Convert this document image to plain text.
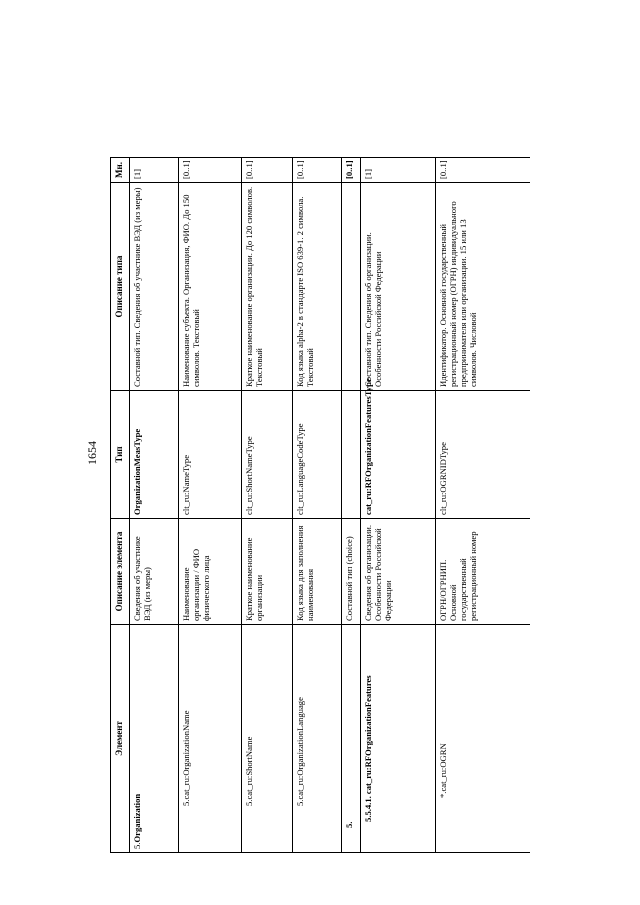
1654
Элемент	Описание элемента	Тип	Описание типа	Мн.	
5.Organization	Сведения об участнике ВЭД (из меры)	OrganizationMeasType	Составной тип. Сведения об участнике ВЭД (из меры)	[1]	
5.cat_ru:OrganizationName	Наименование организации / ФИО физического лица	clt_ru:NameType	Наименование субъекта. Организация, ФИО. До 150 символов. Текстовый	[0..1]	
5.cat_ru:ShortName	Краткое наименование организации	clt_ru:ShortNameType	Краткое наименование организации. До 120 символов. Текстовый	[0..1]	
5.cat_ru:OrganizationLanguage	Код языка для заполнения наименования	clt_ru:LanguageCodeType	Код языка alpha-2 в стандарте ISO 639-1. 2 символа. Текстовый	[0..1]	
5.	Составной тип (choice)			[0..1]	
5.5.4.1. cat_ru:RFOrganizationFeatures	Сведения об организации. Особенности Российской Федерации	cat_ru:RFOrganizationFeaturesType	Составной тип. Сведения об организации. Особенности Российской Федерации	[1]	
*.cat_ru:OGRN	ОГРН/ОГРНИП. Основной государственный регистрационный номер	clt_ru:OGRNIDType	Идентификатор. Основной государственный регистрационный номер (ОГРН) индивидуального предпринимателя или организации. 15 или 13 символов. Числовой	[0..1]	
